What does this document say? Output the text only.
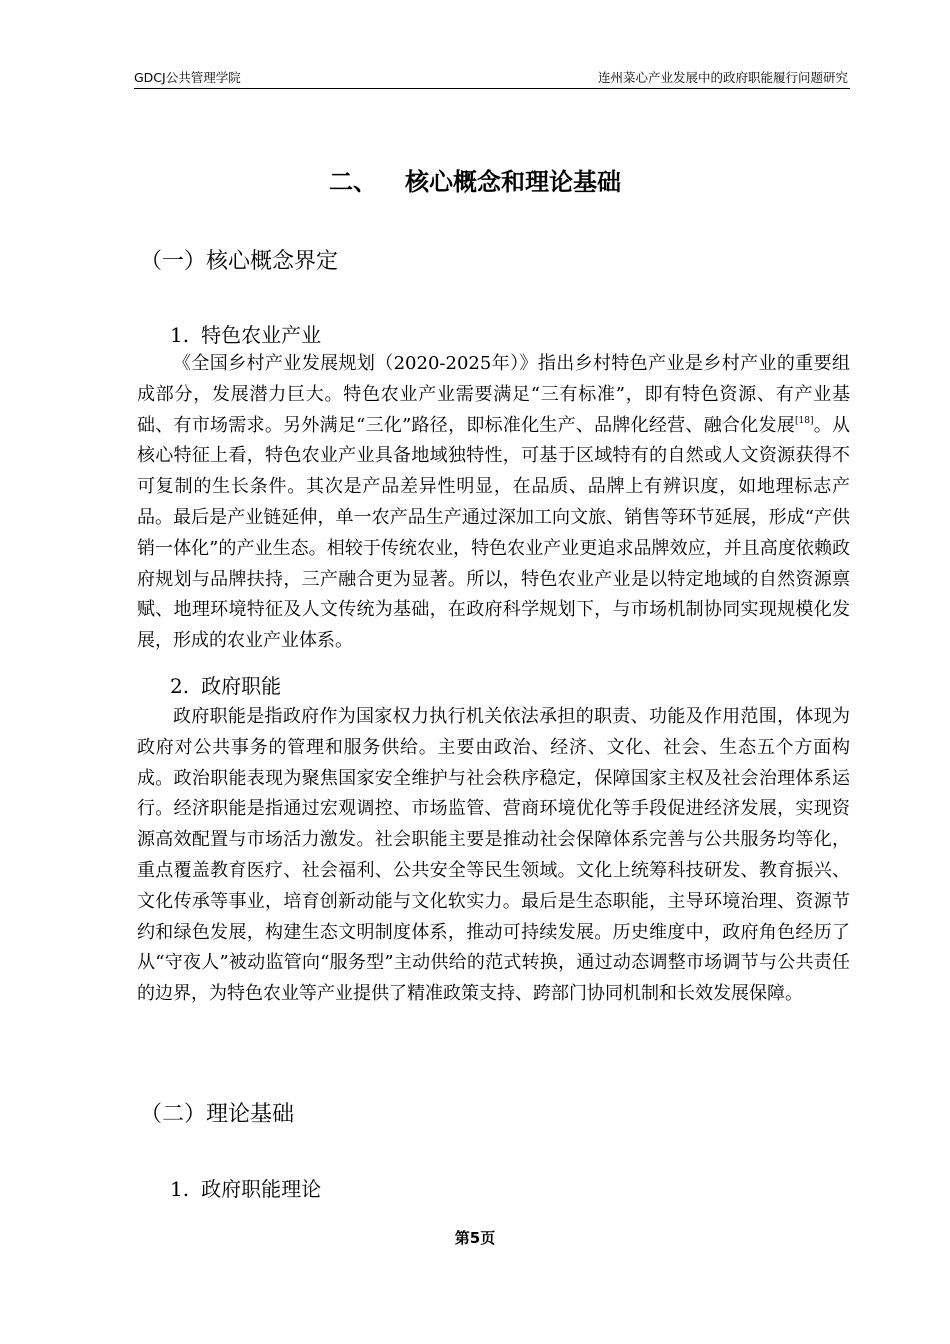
GDCJ公共管理学院	连州菜心产业发展中的政府职能履行问题研究
二、 核心概念和理论基础
（一）核心概念界定
1. 特色农业产业

《全国乡村产业发展规划（2020-2025年）》指出乡村特色产业是乡村产业的重要组成部分，发展潜力巨大。特色农业产业需要满足“三有标准”，即有特色资源、有产业基础、有市场需求。另外满足“三化”路径，即标准化生产、品牌化经营、融合化发展[18]。从核心特征上看，特色农业产业具备地域独特性，可基于区域特有的自然或人文资源获得不可复制的生长条件。其次是产品差异性明显，在品质、品牌上有辨识度，如地理标志产品。最后是产业链延伸，单一农产品生产通过深加工向文旅、销售等环节延展，形成“产供销一体化”的产业生态。相较于传统农业，特色农业产业更追求品牌效应，并且高度依赖政府规划与品牌扶持，三产融合更为显著。所以，特色农业产业是以特定地域的自然资源禀赋、地理环境特征及人文传统为基础，在政府科学规划下，与市场机制协同实现规模化发展，形成的农业产业体系。

2. 政府职能

政府职能是指政府作为国家权力执行机关依法承担的职责、功能及作用范围，体现为政府对公共事务的管理和服务供给。主要由政治、经济、文化、社会、生态五个方面构成。政治职能表现为聚焦国家安全维护与社会秩序稳定，保障国家主权及社会治理体系运行。经济职能是指通过宏观调控、市场监管、营商环境优化等手段促进经济发展，实现资源高效配置与市场活力激发。社会职能主要是推动社会保障体系完善与公共服务均等化，重点覆盖教育医疗、社会福利、公共安全等民生领域。文化上统筹科技研发、教育振兴、文化传承等事业，培育创新动能与文化软实力。最后是生态职能，主导环境治理、资源节约和绿色发展，构建生态文明制度体系，推动可持续发展。历史维度中，政府角色经历了从“守夜人”被动监管向“服务型”主动供给的范式转换，通过动态调整市场调节与公共责任的边界，为特色农业等产业提供了精准政策支持、跨部门协同机制和长效发展保障。

（二）理论基础
1. 政府职能理论
第5页
